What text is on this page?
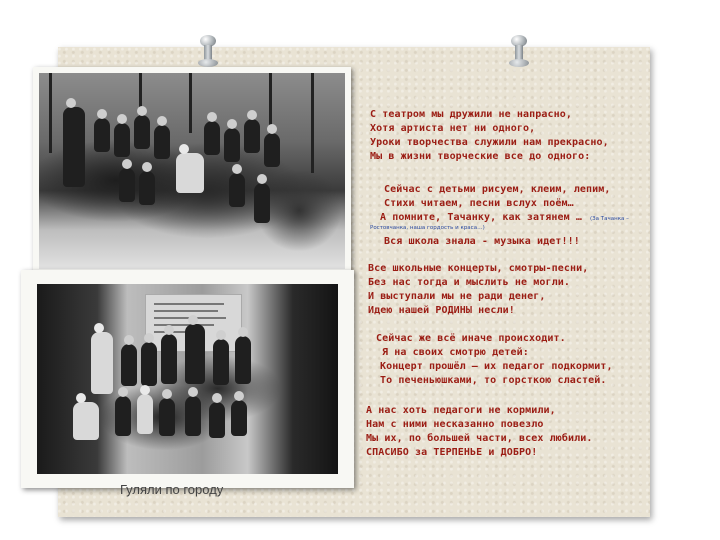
Гуляли по городу
С театром мы дружили не напрасно,
Хотя артиста нет ни одного,
Уроки творчества служили нам прекрасно,
Мы в жизни творческие все до одного:
Сейчас с детьми рисуем, клеим, лепим,
Стихи читаем, песни вслух поём…
А помните, Тачанку, как затянем … (За Тачанка –
Ростовчанка, наша гордость и краса…)
Вся школа знала - музыка идет!!!
Все школьные концерты, смотры-песни,
Без нас тогда и мыслить не могли.
И выступали мы не ради денег,
Идею нашей РОДИНЫ несли!
Сейчас же всё иначе происходит.
Я на своих смотрю детей:
Концерт прошёл – их педагог подкормит,
То печеньюшками, то горсткою сластей.
А нас хоть педагоги не кормили,
Нам с ними несказанно повезло
Мы их, по большей части, всех любили.
СПАСИБО за ТЕРПЕНЬЕ и ДОБРО!
